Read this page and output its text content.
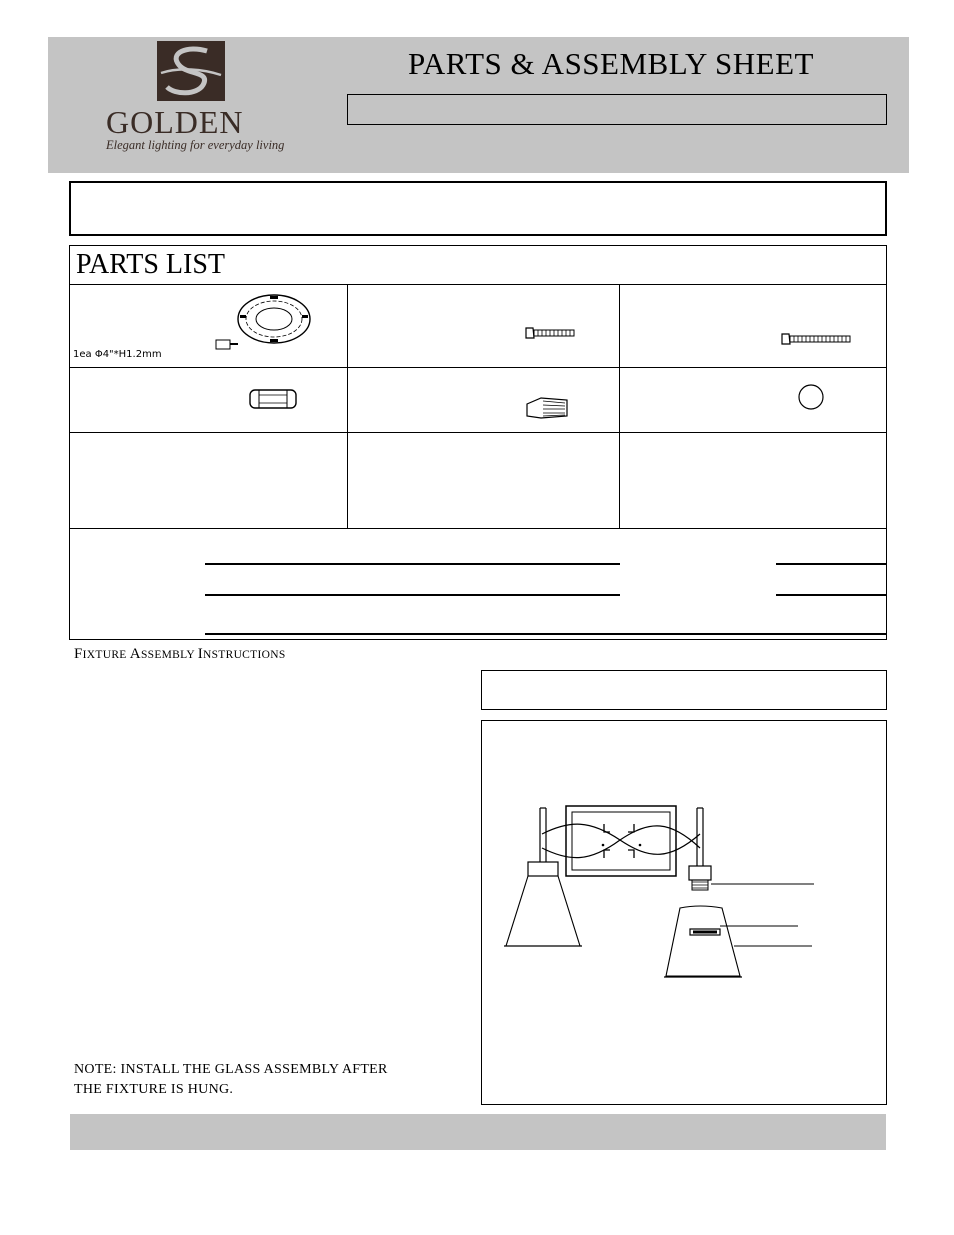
GOLDEN
Elegant lighting for everyday living
PARTS & ASSEMBLY SHEET
PARTS LIST
1ea Φ4"*H1.2mm
FIXTURE ASSEMBLY INSTRUCTIONS
NOTE: INSTALL THE GLASS ASSEMBLY AFTER
THE FIXTURE IS HUNG.
